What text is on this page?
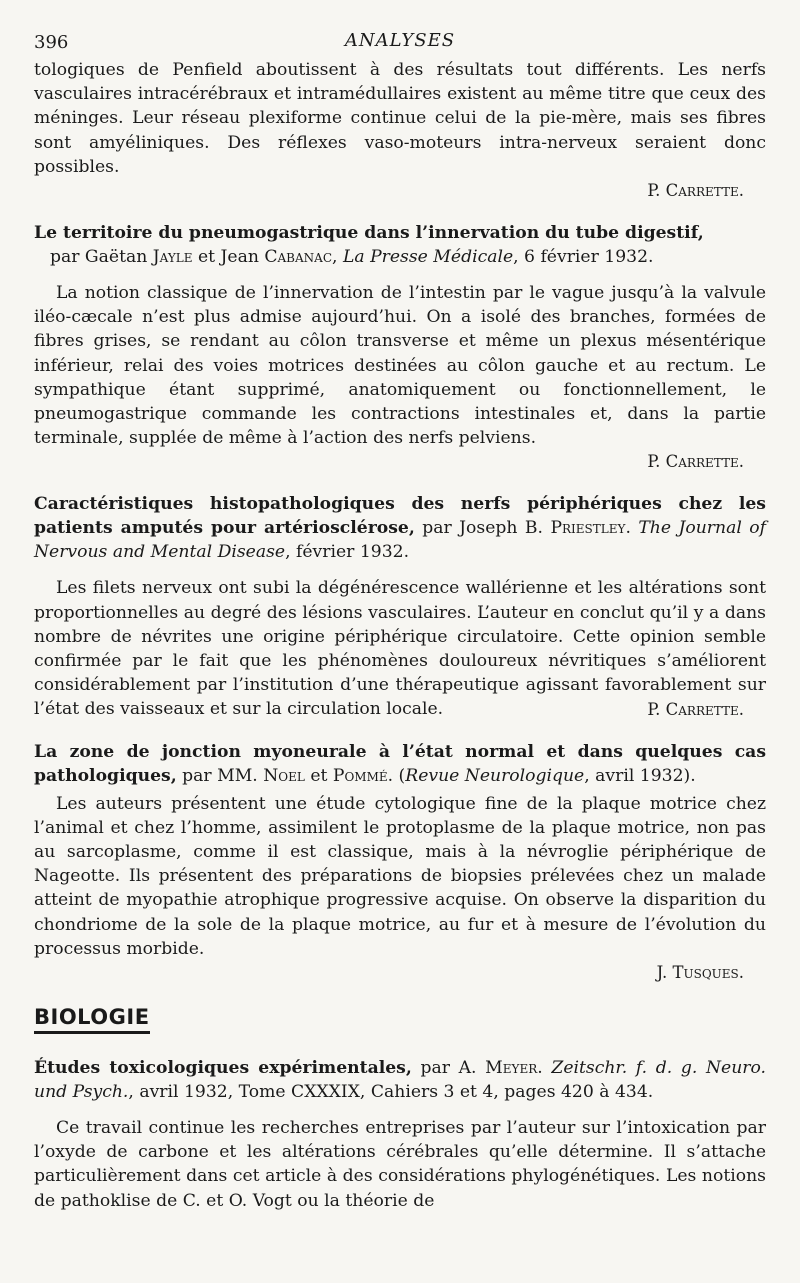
396	ANALYSES

tologiques de Penfield aboutissent à des résultats tout différents. Les nerfs vasculaires intracérébraux et intramédullaires existent au même titre que ceux des méninges. Leur réseau plexiforme continue celui de la pie-mère, mais ses fibres sont amyéliniques. Des réflexes vaso-moteurs intra-nerveux seraient donc possibles.

P. Carrette.

Le territoire du pneumogastrique dans l’innervation du tube digestif,
par Gaëtan Jayle et Jean Cabanac, La Presse Médicale, 6 février 1932.

La notion classique de l’innervation de l’intestin par le vague jusqu’à la valvule iléo-cæcale n’est plus admise aujourd’hui. On a isolé des branches, formées de fibres grises, se rendant au côlon transverse et même un plexus mésentérique inférieur, relai des voies motrices destinées au côlon gauche et au rectum. Le sympathique étant supprimé, anatomiquement ou fonctionnellement, le pneumogastrique commande les contractions intestinales et, dans la partie terminale, supplée de même à l’action des nerfs pelviens.

P. Carrette.

Caractéristiques histopathologiques des nerfs périphériques chez les patients amputés pour artériosclérose, par Joseph B. Priestley. The Journal of Nervous and Mental Disease, février 1932.

Les filets nerveux ont subi la dégénérescence wallérienne et les altérations sont proportionnelles au degré des lésions vasculaires. L’auteur en conclut qu’il y a dans nombre de névrites une origine périphérique circulatoire. Cette opinion semble confirmée par le fait que les phénomènes douloureux névritiques s’améliorent considérablement par l’institution d’une thérapeutique agissant favorablement sur l’état des vaisseaux et sur la circulation locale.	P. Carrette.

La zone de jonction myoneurale à l’état normal et dans quelques cas pathologiques, par MM. Noel et Pommé. (Revue Neurologique, avril 1932).

Les auteurs présentent une étude cytologique fine de la plaque motrice chez l’animal et chez l’homme, assimilent le protoplasme de la plaque motrice, non pas au sarcoplasme, comme il est classique, mais à la névroglie périphérique de Nageotte. Ils présentent des préparations de biopsies prélevées chez un malade atteint de myopathie atrophique progressive acquise. On observe la disparition du chondriome de la sole de la plaque motrice, au fur et à mesure de l’évolution du processus morbide.

J. Tusques.

BIOLOGIE

Études toxicologiques expérimentales, par A. Meyer. Zeitschr. f. d. g. Neuro. und Psych., avril 1932, Tome CXXXIX, Cahiers 3 et 4, pages 420 à 434.

Ce travail continue les recherches entreprises par l’auteur sur l’intoxication par l’oxyde de carbone et les altérations cérébrales qu’elle détermine. Il s’attache particulièrement dans cet article à des considérations phylogénétiques. Les notions de pathoklise de C. et O. Vogt ou la théorie de
